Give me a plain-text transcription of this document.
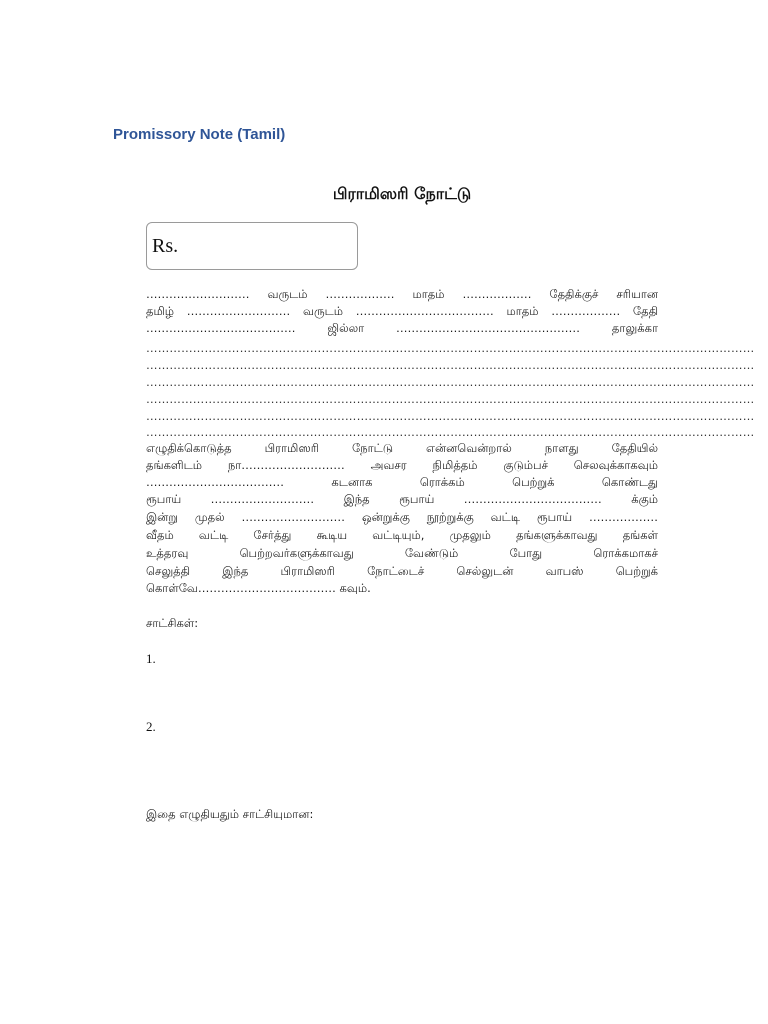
Promissory Note (Tamil)
பிராமிஸரி நோட்டு
Rs.
……………………… வருடம் ……………… மாதம் ……………… தேதிக்குச் சரியான
தமிழ் ……………………… வருடம் ……………………………… மாதம் ……………… தேதி
………………………………… ஜில்லா ………………………………………… தாலுக்கா
…………………………………………………………………………………………………………………………………………
…………………………………………………………………………………………………………………………………………
…………………………………………………………………………………………………………………………………………
…………………………………………………………………………………………………………………………………………
…………………………………………………………………………………………………………………………………………
…………………………………………………………………………………………………………………………………………
எழுதிக்கொடுத்த பிராமிஸரி நோட்டு என்னவென்றால் நாளது தேதியில்
தங்களிடம் நா……………………… அவசர நிமித்தம் குடும்பச் செலவுக்காகவும்
……………………………… கடனாக ரொக்கம் பெற்றுக் கொண்டது
ரூபாய் ……………………… இந்த ரூபாய் ……………………………… க்கும்
இன்று முதல் ……………………… ஒன்றுக்கு நூற்றுக்கு வட்டி ரூபாய் ………………
வீதம் வட்டி சேர்த்து கூடிய வட்டியும், முதலும் தங்களுக்காவது தங்கள்
உத்தரவு பெற்றவர்களுக்காவது வேண்டும் போது ரொக்கமாகச்
செலுத்தி இந்த பிராமிஸரி நோட்டைச் செல்லுடன் வாபஸ் பெற்றுக்
கொள்வே……………………………… கவும்.
சாட்சிகள்:
1.
2.
இதை எழுதியதும் சாட்சியுமான:
